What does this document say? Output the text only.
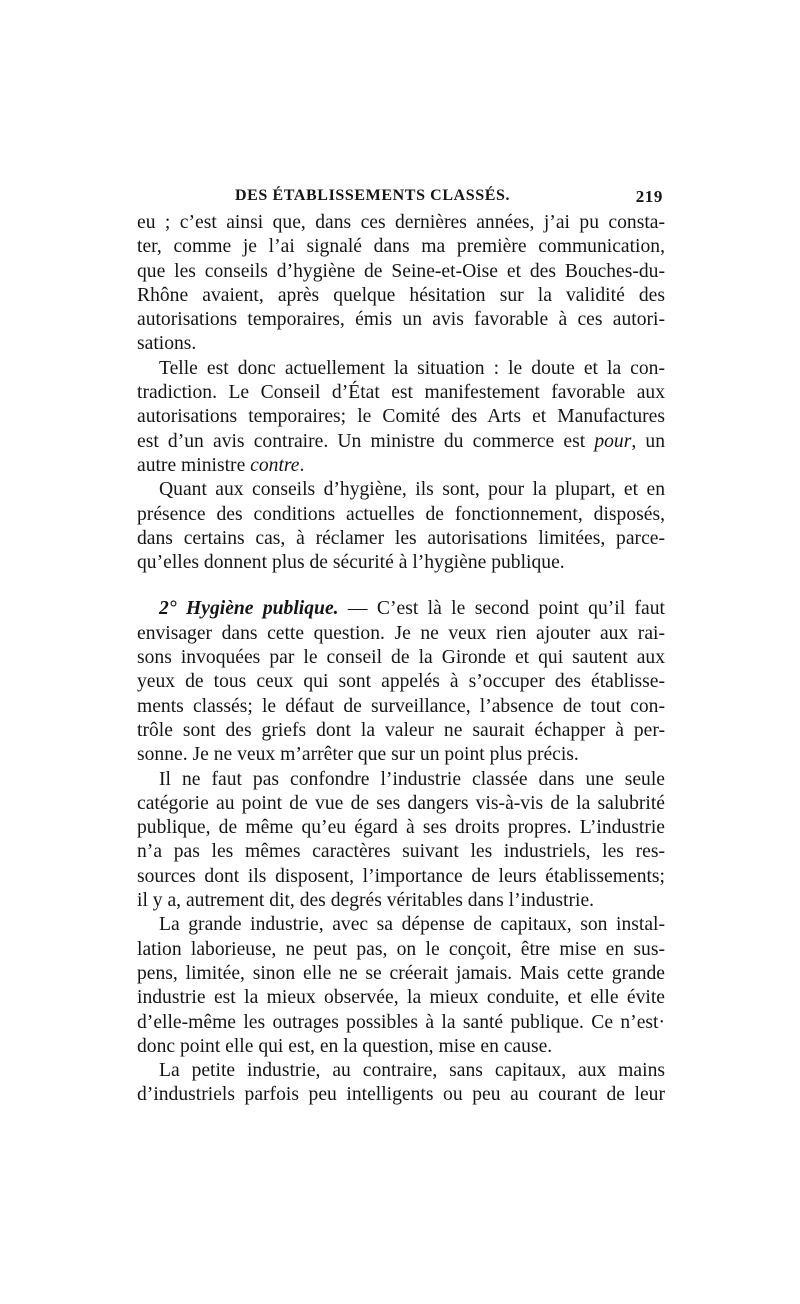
DES ÉTABLISSEMENTS CLASSÉS.	219

eu ; c’est ainsi que, dans ces dernières années, j’ai pu consta-
ter, comme je l’ai signalé dans ma première communication,
que les conseils d’hygiène de Seine-et-Oise et des Bouches-du-
Rhône avaient, après quelque hésitation sur la validité des
autorisations temporaires, émis un avis favorable à ces autori-
sations.

Telle est donc actuellement la situation : le doute et la con-
tradiction. Le Conseil d’État est manifestement favorable aux
autorisations temporaires; le Comité des Arts et Manufactures
est d’un avis contraire. Un ministre du commerce est pour, un
autre ministre contre.

Quant aux conseils d’hygiène, ils sont, pour la plupart, et en
présence des conditions actuelles de fonctionnement, disposés,
dans certains cas, à réclamer les autorisations limitées, parce-
qu’elles donnent plus de sécurité à l’hygiène publique.

2° Hygiène publique. — C’est là le second point qu’il faut
envisager dans cette question. Je ne veux rien ajouter aux rai-
sons invoquées par le conseil de la Gironde et qui sautent aux
yeux de tous ceux qui sont appelés à s’occuper des établisse-
ments classés; le défaut de surveillance, l’absence de tout con-
trôle sont des griefs dont la valeur ne saurait échapper à per-
sonne. Je ne veux m’arrêter que sur un point plus précis.

Il ne faut pas confondre l’industrie classée dans une seule
catégorie au point de vue de ses dangers vis-à-vis de la salubrité
publique, de même qu’eu égard à ses droits propres. L’industrie
n’a pas les mêmes caractères suivant les industriels, les res-
sources dont ils disposent, l’importance de leurs établissements;
il y a, autrement dit, des degrés véritables dans l’industrie.

La grande industrie, avec sa dépense de capitaux, son instal-
lation laborieuse, ne peut pas, on le conçoit, être mise en sus-
pens, limitée, sinon elle ne se créerait jamais. Mais cette grande
industrie est la mieux observée, la mieux conduite, et elle évite
d’elle-même les outrages possibles à la santé publique. Ce n’est·
donc point elle qui est, en la question, mise en cause.

La petite industrie, au contraire, sans capitaux, aux mains
d’industriels parfois peu intelligents ou peu au courant de leur
